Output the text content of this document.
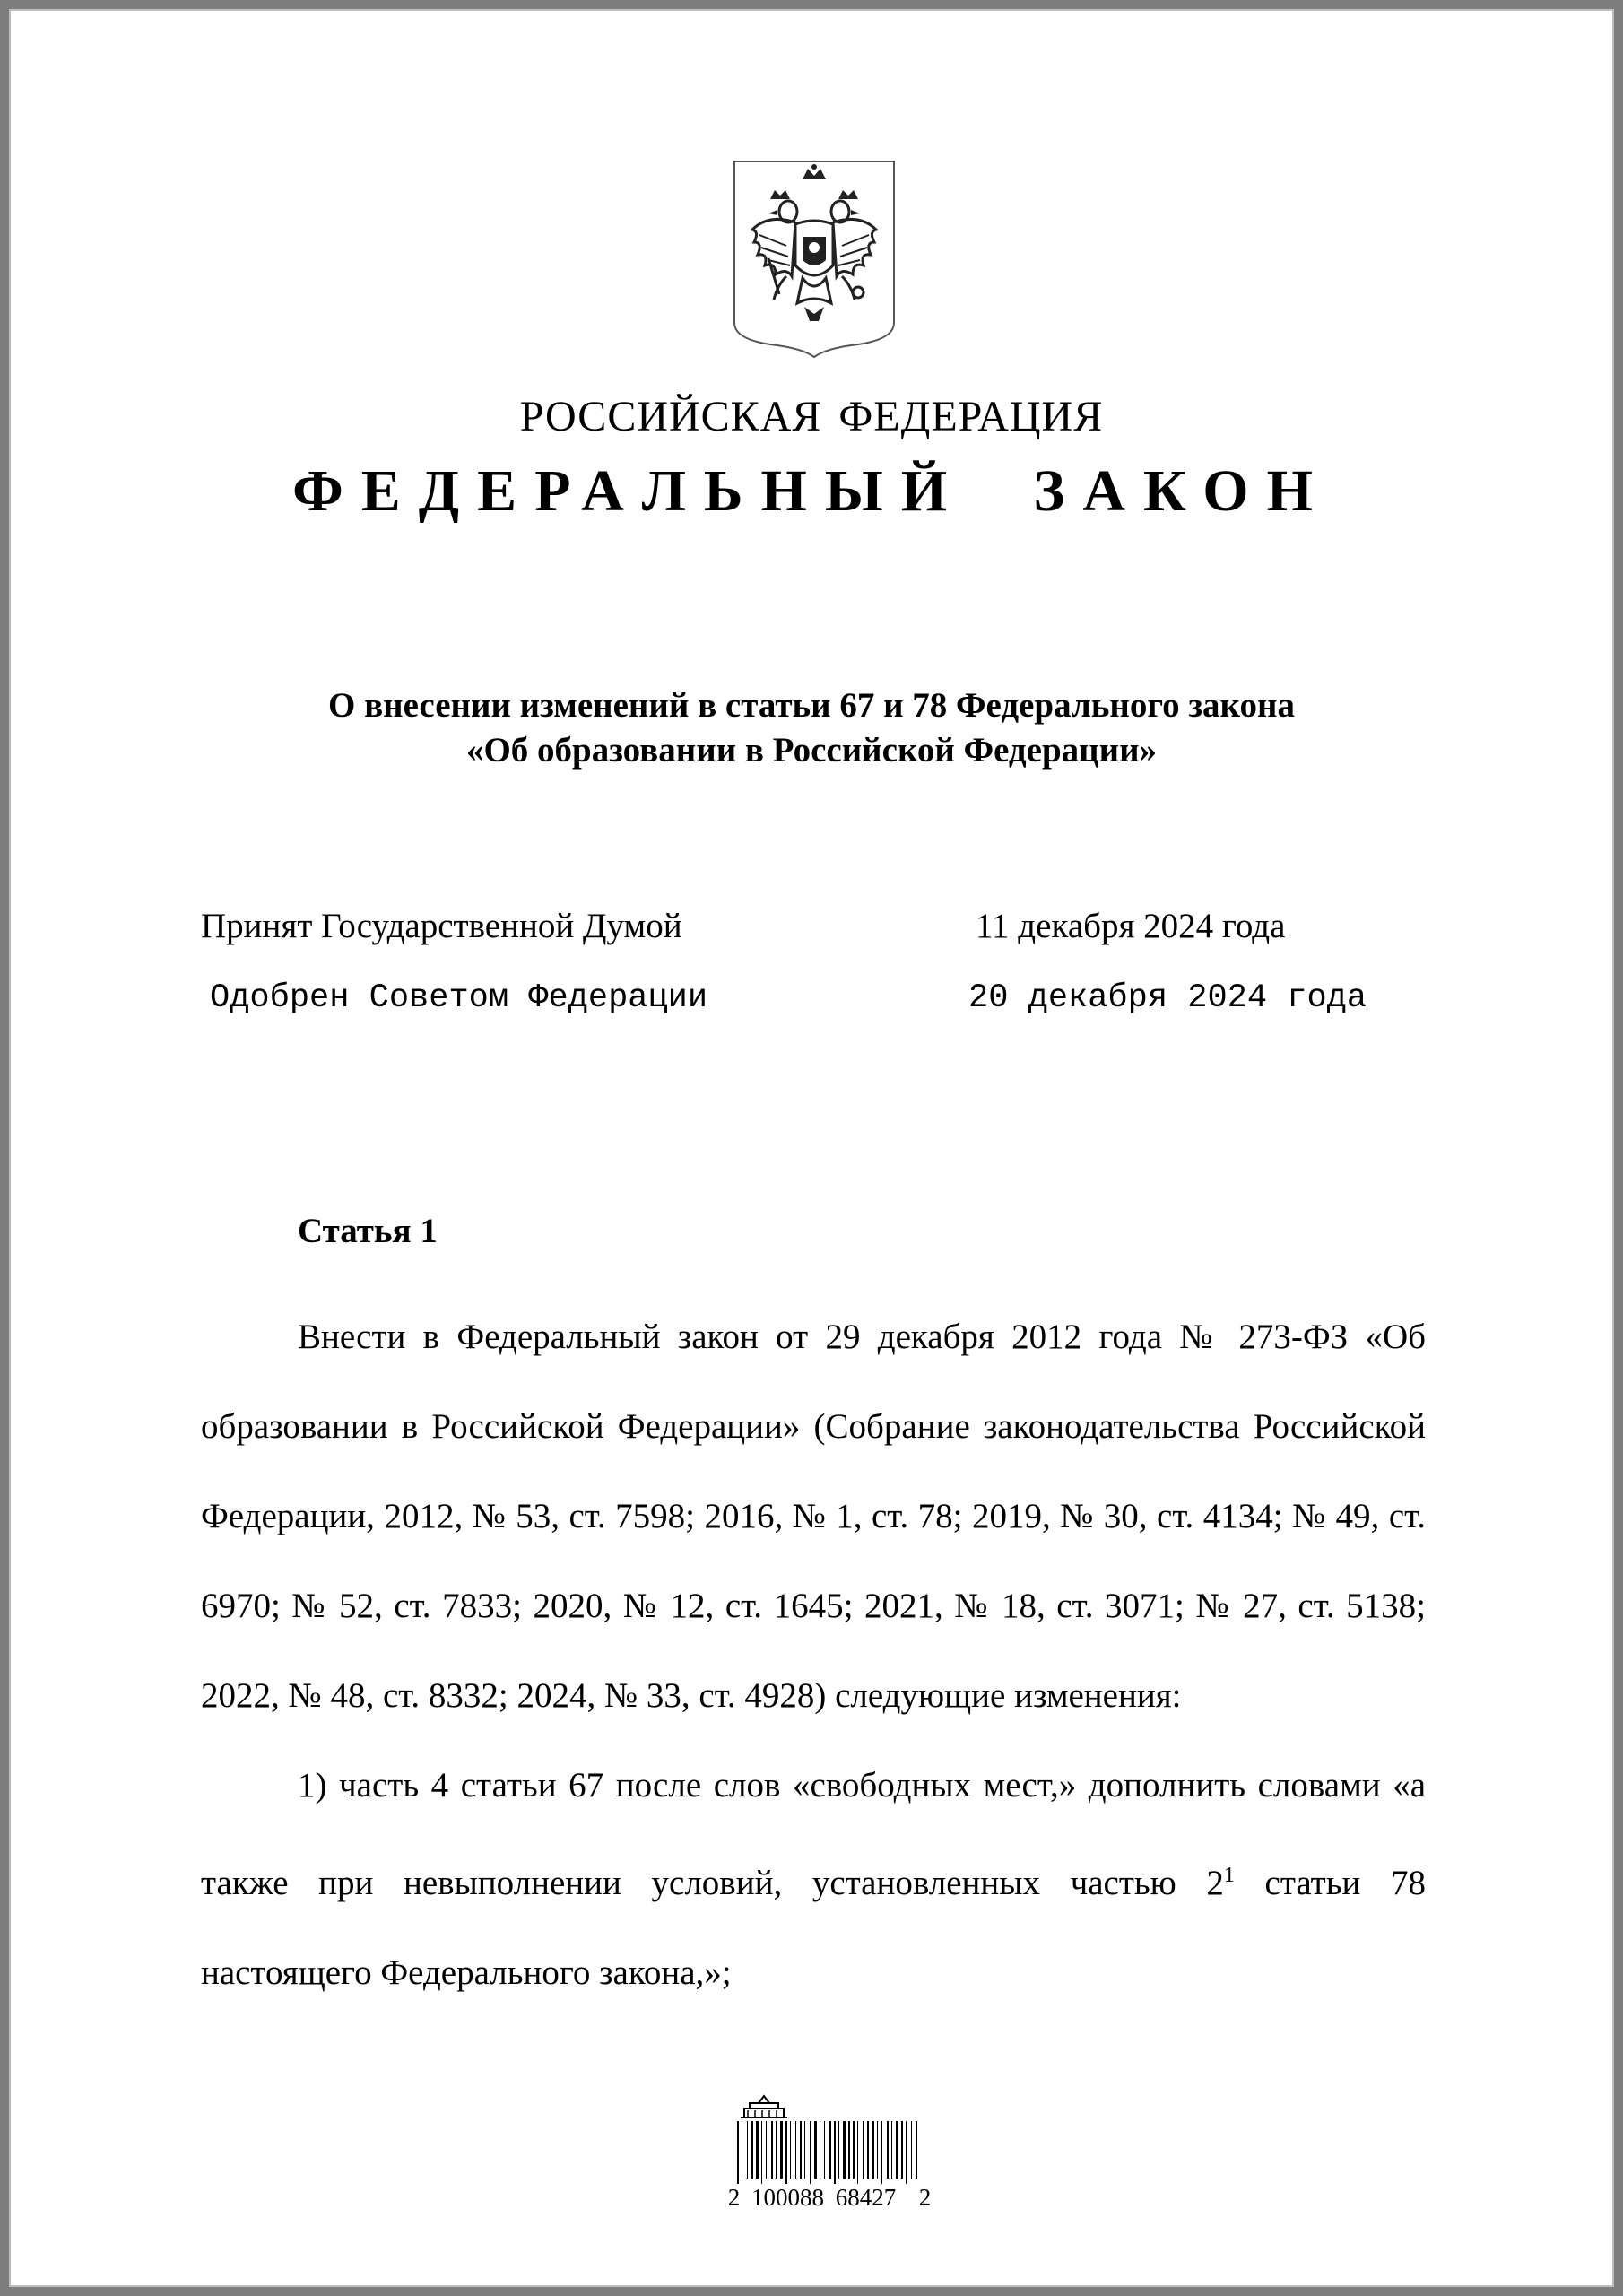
РОССИЙСКАЯ ФЕДЕРАЦИЯ
ФЕДЕРАЛЬНЫЙ ЗАКОН
О внесении изменений в статьи 67 и 78 Федерального закона
«Об образовании в Российской Федерации»
Принят Государственной Думой	11 декабря 2024 года
Одобрен Советом Федерации	20 декабря 2024 года
Статья 1

Внести в Федеральный закон от 29 декабря 2012 года № 273-ФЗ «Об образовании в Российской Федерации» (Собрание законодательства Российской Федерации, 2012, № 53, ст. 7598; 2016, № 1, ст. 78; 2019, № 30, ст. 4134; № 49, ст. 6970; № 52, ст. 7833; 2020, № 12, ст. 1645; 2021, № 18, ст. 3071; № 27, ст. 5138; 2022, № 48, ст. 8332; 2024, № 33, ст. 4928) следующие изменения:

1) часть 4 статьи 67 после слов «свободных мест,» дополнить словами «а также при невыполнении условий, установленных частью $2^1$ статьи 78 настоящего Федерального закона,»;

2 100088 68427  2
